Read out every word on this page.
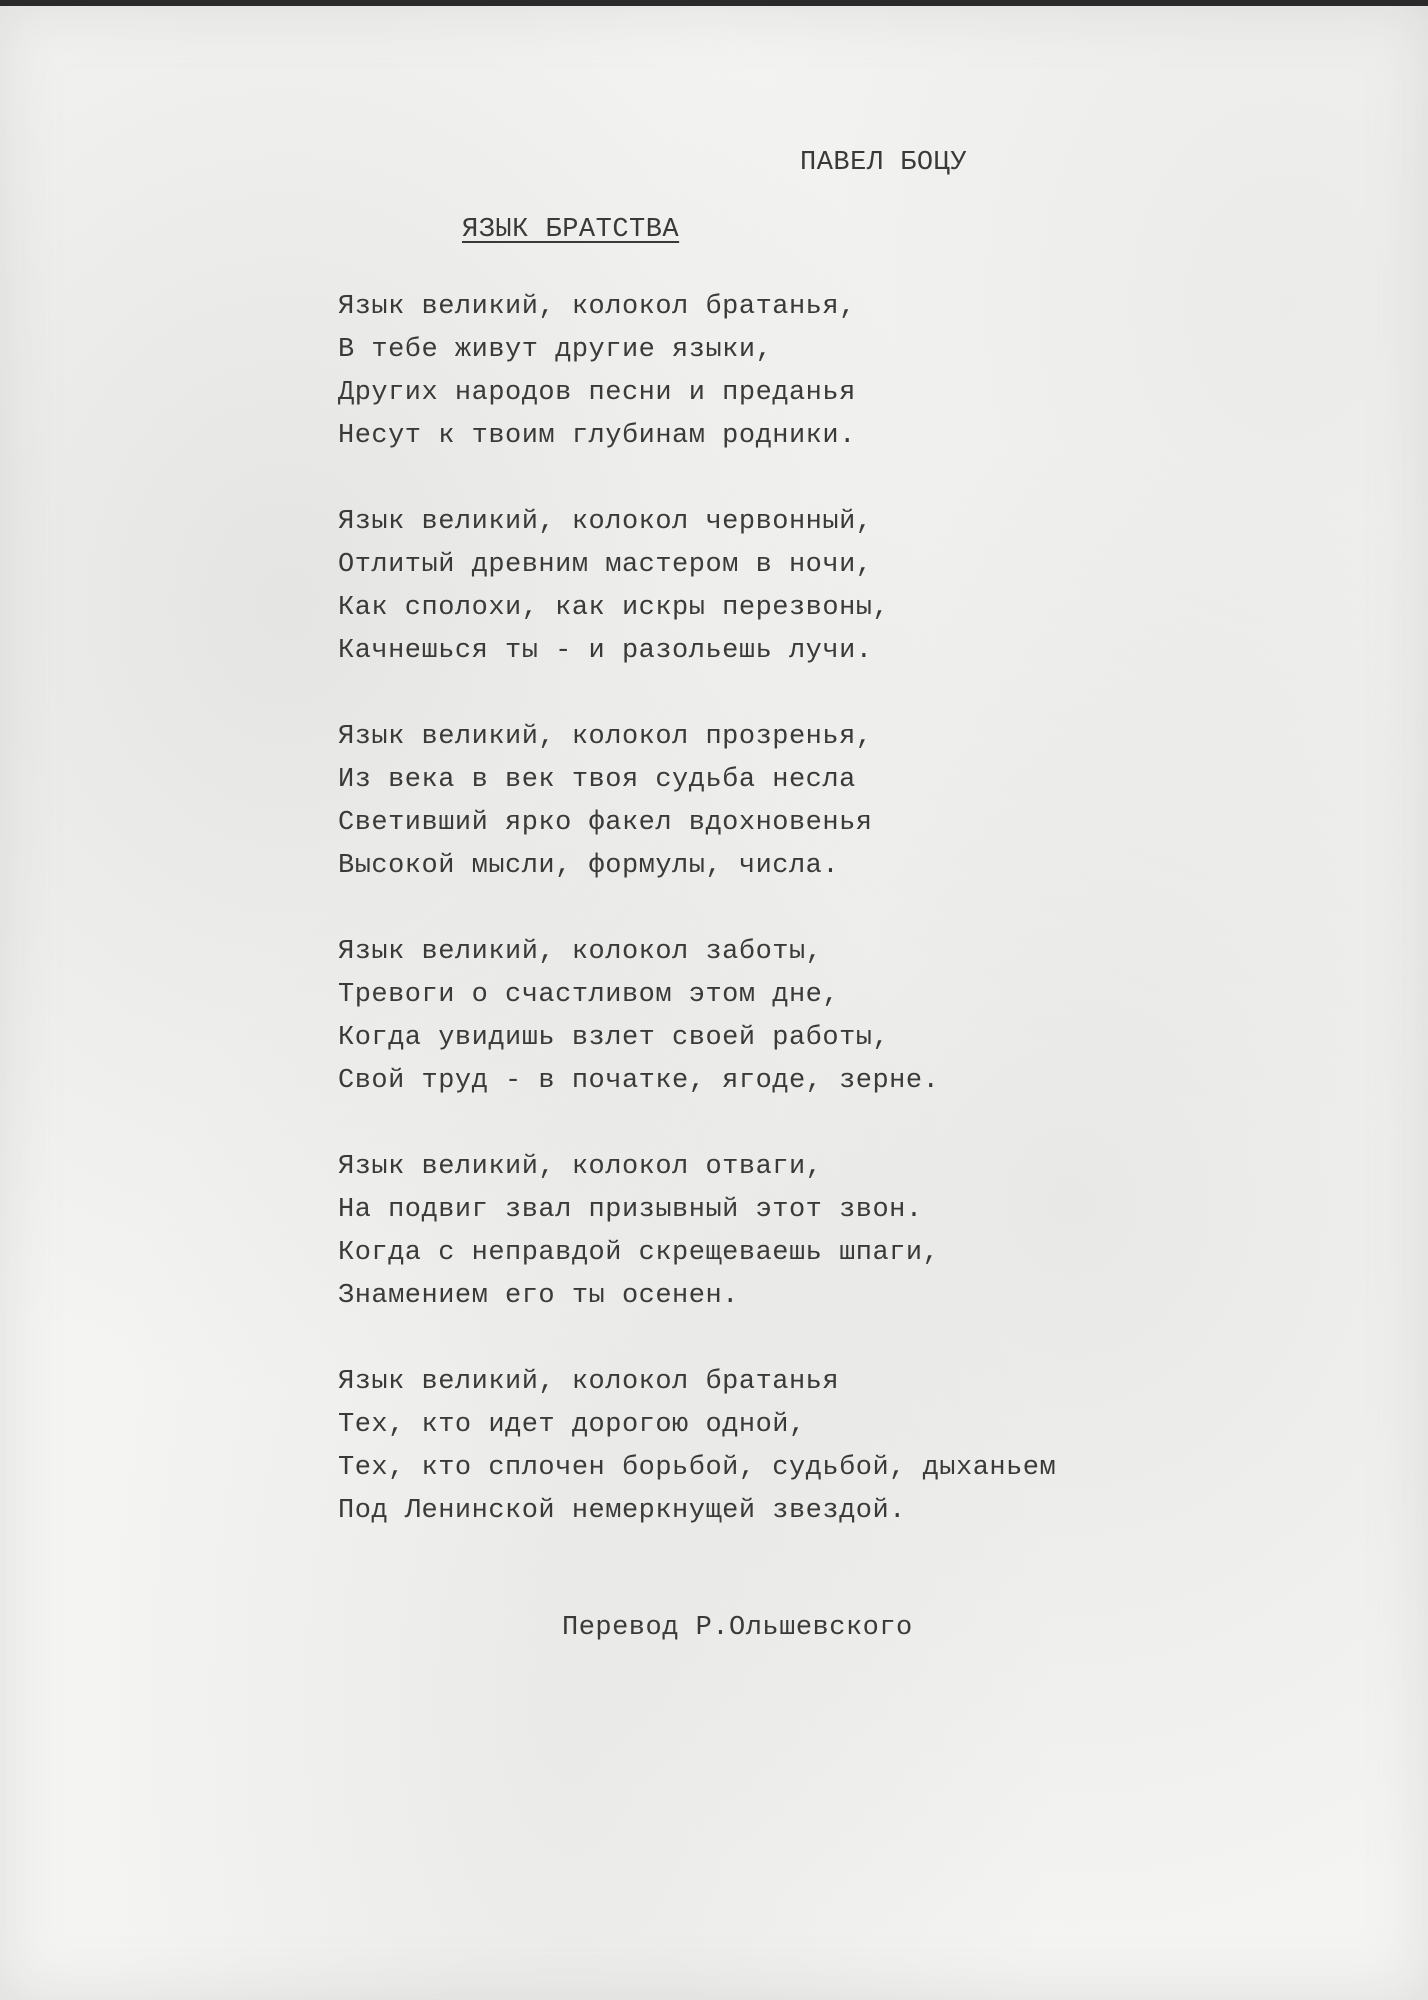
ПАВЕЛ БОЦУ
ЯЗЫК БРАТСТВА
Язык великий, колокол братанья,
В тебе живут другие языки,
Других народов песни и преданья
Несут к твоим глубинам родники.
Язык великий, колокол червонный,
Отлитый древним мастером в ночи,
Как сполохи, как искры перезвоны,
Качнешься ты - и разольешь лучи.
Язык великий, колокол прозренья,
Из века в век твоя судьба несла
Светивший ярко факел вдохновенья
Высокой мысли, формулы, числа.
Язык великий, колокол заботы,
Тревоги о счастливом этом дне,
Когда увидишь взлет своей работы,
Свой труд - в початке, ягоде, зерне.
Язык великий, колокол отваги,
На подвиг звал призывный этот звон.
Когда с неправдой скрещеваешь шпаги,
Знамением его ты осенен.
Язык великий, колокол братанья
Тех, кто идет дорогою одной,
Тех, кто сплочен борьбой, судьбой, дыханьем
Под Ленинской немеркнущей звездой.
Перевод Р.Ольшевского
